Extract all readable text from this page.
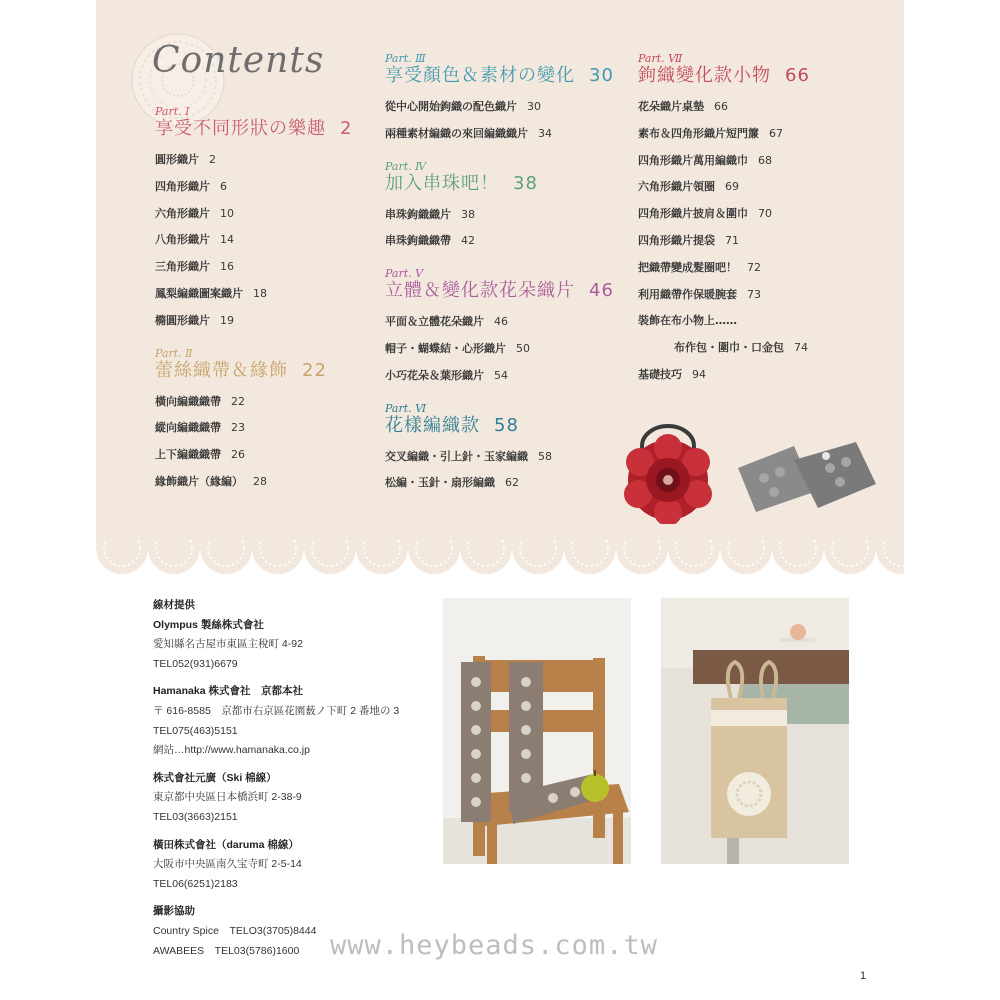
Contents
Part. Ⅰ
享受不同形狀の樂趣 2
圓形織片 2
四角形織片 6
六角形織片 10
八角形織片 14
三角形織片 16
鳳梨編織圖案織片 18
橢圓形織片 19
Part. Ⅱ
蕾絲織帶＆緣飾 22
橫向編織織帶 22
縱向編織織帶 23
上下編織織帶 26
緣飾織片（緣編） 28
Part. Ⅲ
享受顏色＆素材の變化 30
從中心開始鉤織の配色織片 30
兩種素材編織の來回編織織片 34
Part. Ⅳ
加入串珠吧！ 38
串珠鉤織織片 38
串珠鉤織織帶 42
Part. Ⅴ
立體＆變化款花朵織片 46
平面＆立體花朵織片 46
帽子・蝴蝶結・心形織片 50
小巧花朵＆葉形織片 54
Part. Ⅵ
花樣編織款 58
交叉編織・引上針・玉家編織 58
松編・玉針・扇形編織 62
Part. Ⅶ
鉤織變化款小物 66
花朵織片桌墊 66
素布＆四角形織片短門簾 67
四角形織片萬用編織巾 68
六角形織片領圈 69
四角形織片披肩＆圍巾 70
四角形織片提袋 71
把織帶變成髮圈吧！ 72
利用織帶作保暖腕套 73
裝飾在布小物上……
布作包・圍巾・口金包 74
基礎技巧 94
線材提供
Olympus 製絲株式會社
愛知縣名古屋市東區主稅町 4-92
TEL052(931)6679
Hamanaka 株式會社　京都本社
〒 616-8585　京都市右京區花園薮ノ下町 2 番地の 3
TEL075(463)5151
網站…http://www.hamanaka.co.jp
株式會社元廣（Ski 棉線）
東京都中央區日本橋浜町 2-38-9
TEL03(3663)2151
橫田株式會社（daruma 棉線）
大阪市中央區南久宝寺町 2-5-14
TEL06(6251)2183
攝影協助
Country Spice　TELO3(3705)8444
AWABEES　TEL03(5786)1600	www.heybeads.com.tw
1
